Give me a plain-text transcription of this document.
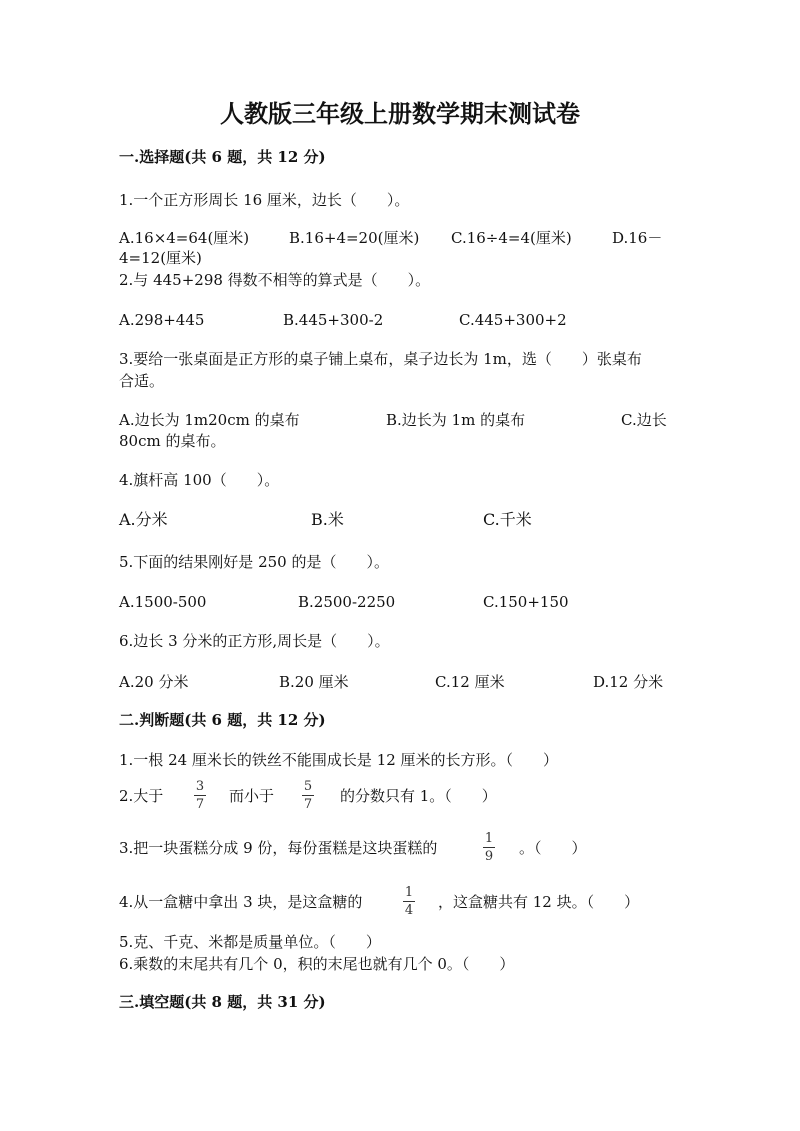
人教版三年级上册数学期末测试卷
一.选择题(共 6 题，共 12 分)
1.一个正方形周长 16 厘米，边长（　　）。
A.16×4=64(厘米)	B.16+4=20(厘米) C.16÷4=4(厘米)	D.16－
4=12(厘米)
2.与 445+298 得数不相等的算式是（　　）。
A.298+445	B.445+300-2	C.445+300+2
3.要给一张桌面是正方形的桌子铺上桌布，桌子边长为 1m，选（　　）张桌布
合适。
A.边长为 1m20cm 的桌布	B.边长为 1m 的桌布	C.边长
80cm 的桌布。
4.旗杆高 100（　　）。
A.分米	B.米	C.千米
5.下面的结果刚好是 250 的是（　　）。
A.1500-500	B.2500-2250	C.150+150
6.边长 3 分米的正方形,周长是（　　）。
A.20 分米	B.20 厘米	C.12 厘米	D.12 分米
二.判断题(共 6 题，共 12 分)
1.一根 24 厘米长的铁丝不能围成长是 12 厘米的长方形。（　　）
2.大于
3
7 而小于
5
7 的分数只有 1。（　　）
3.把一块蛋糕分成 9 份，每份蛋糕是这块蛋糕的
1
9 。（　　）
4.从一盒糖中拿出 3 块，是这盒糖的
1
4 ，这盒糖共有 12 块。（　　）
5.克、千克、米都是质量单位。（　　）
6.乘数的末尾共有几个 0，积的末尾也就有几个 0。（　　）
三.填空题(共 8 题，共 31 分)
